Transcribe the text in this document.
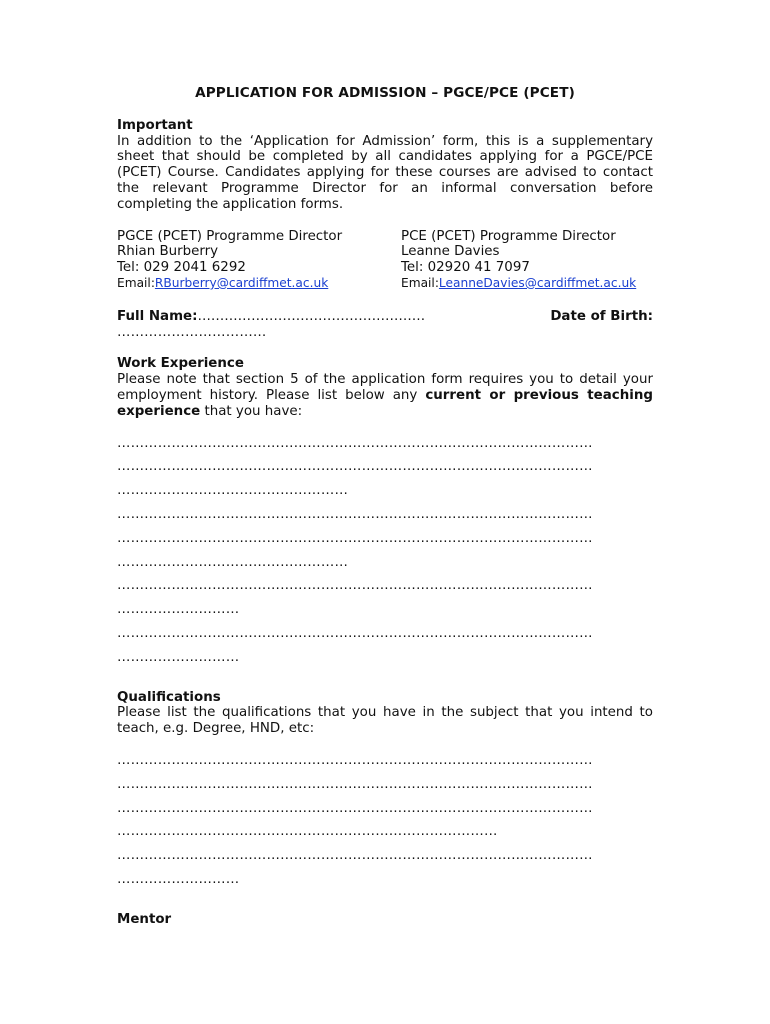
APPLICATION FOR ADMISSION – PGCE/PCE (PCET)
Important

In addition to the ‘Application for Admission’ form, this is a supplementary sheet that should be completed by all candidates applying for a PGCE/PCE (PCET) Course. Candidates applying for these courses are advised to contact the relevant Programme Director for an informal conversation before completing the application forms.

PGCE (PCET) Programme Director
Rhian Burberry
Tel: 029 2041 6292
Email:RBurberry@cardiffmet.ac.uk
PCE (PCET) Programme Director
Leanne Davies
Tel: 02920 41 7097
Email:LeanneDavies@cardiffmet.ac.uk
Full Name:……………………………………………	Date of Birth:
……………………………
Work Experience

Please note that section 5 of the application form requires you to detail your employment history. Please list below any current or previous teaching experience that you have:

……………………………………………………………………………………………
……………………………………………………………………………………………
……………………………………………
……………………………………………………………………………………………
……………………………………………………………………………………………
……………………………………………
……………………………………………………………………………………………
………………………
……………………………………………………………………………………………
………………………
Qualifications

Please list the qualifications that you have in the subject that you intend to teach, e.g. Degree, HND, etc:

……………………………………………………………………………………………
……………………………………………………………………………………………
……………………………………………………………………………………………
…………………………………………………………………………
……………………………………………………………………………………………
………………………
Mentor
